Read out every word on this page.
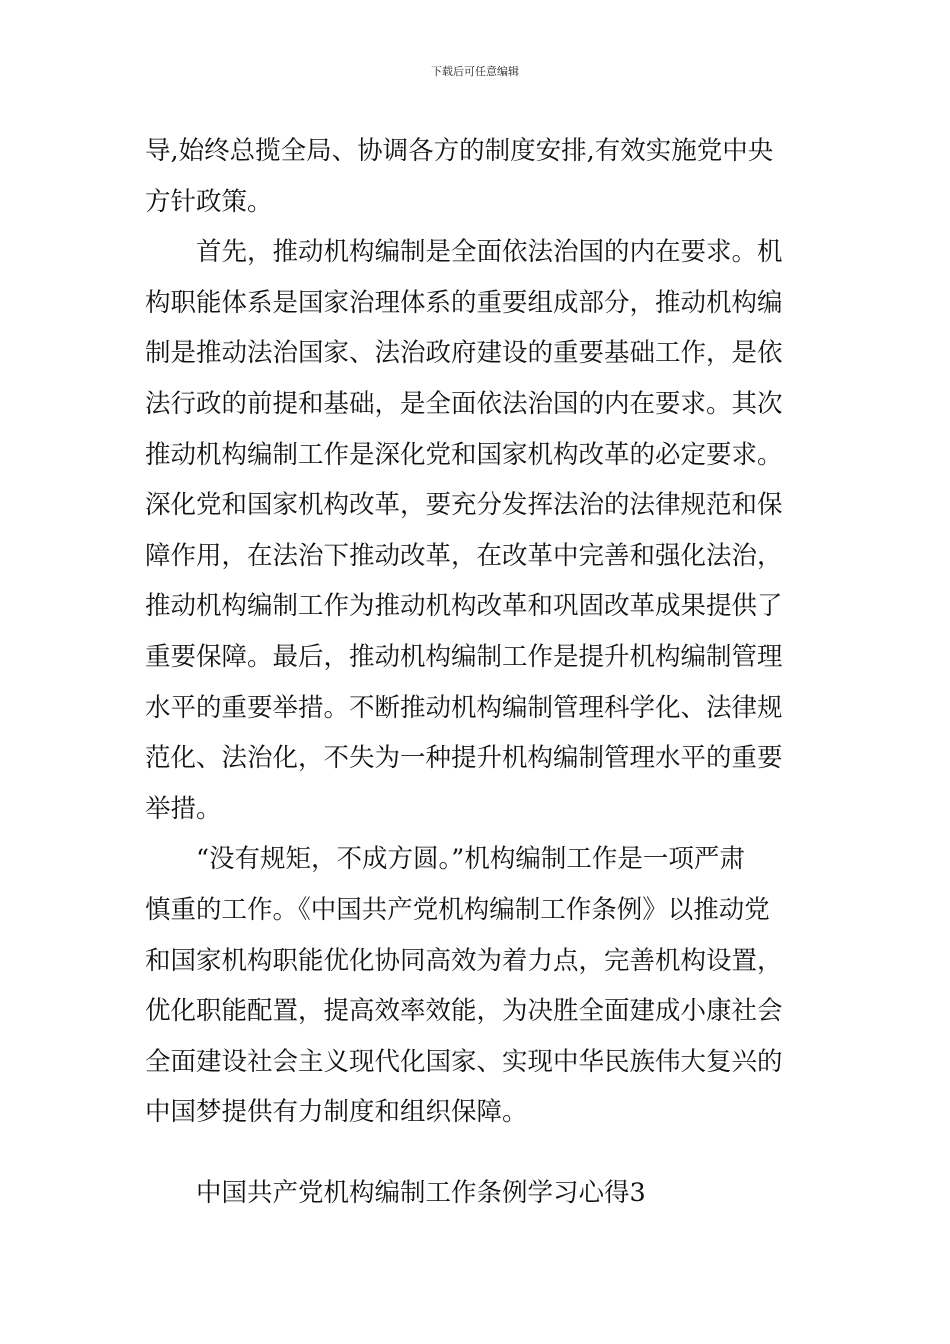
下载后可任意编辑

导,始终总揽全局、协调各方的制度安排,有效实施党中央
方针政策。

首先，推动机构编制是全面依法治国的内在要求。机
构职能体系是国家治理体系的重要组成部分，推动机构编
制是推动法治国家、法治政府建设的重要基础工作，是依
法行政的前提和基础，是全面依法治国的内在要求。其次
推动机构编制工作是深化党和国家机构改革的必定要求。
深化党和国家机构改革，要充分发挥法治的法律规范和保
障作用，在法治下推动改革，在改革中完善和强化法治，
推动机构编制工作为推动机构改革和巩固改革成果提供了
重要保障。最后，推动机构编制工作是提升机构编制管理
水平的重要举措。不断推动机构编制管理科学化、法律规
范化、法治化，不失为一种提升机构编制管理水平的重要
举措。

“没有规矩，不成方圆。”机构编制工作是一项严肃
慎重的工作。《中国共产党机构编制工作条例》以推动党
和国家机构职能优化协同高效为着力点，完善机构设置，
优化职能配置，提高效率效能，为决胜全面建成小康社会
全面建设社会主义现代化国家、实现中华民族伟大复兴的
中国梦提供有力制度和组织保障。

中国共产党机构编制工作条例学习心得3
